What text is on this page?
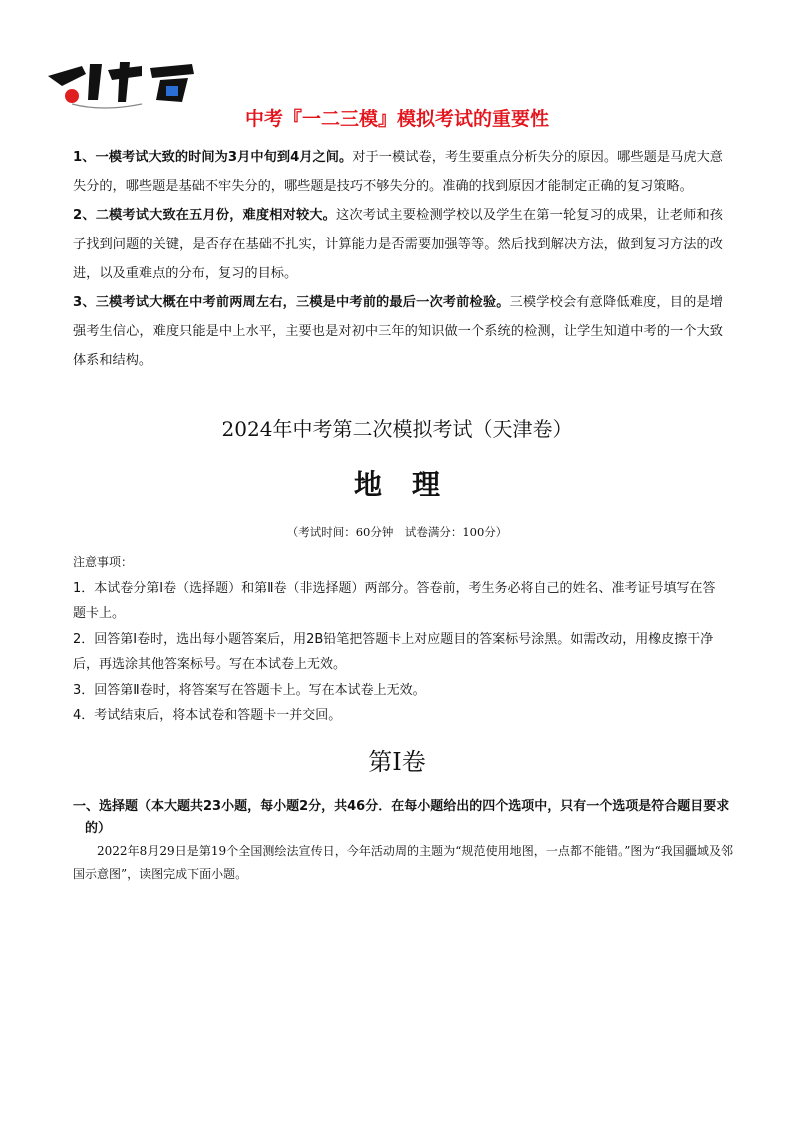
中考『一二三模』模拟考试的重要性

1、一模考试大致的时间为3月中旬到4月之间。对于一模试卷，考生要重点分析失分的原因。哪些题是马虎大意失分的，哪些题是基础不牢失分的，哪些题是技巧不够失分的。准确的找到原因才能制定正确的复习策略。

2、二模考试大致在五月份，难度相对较大。这次考试主要检测学校以及学生在第一轮复习的成果，让老师和孩子找到问题的关键，是否存在基础不扎实，计算能力是否需要加强等等。然后找到解决方法，做到复习方法的改进，以及重难点的分布，复习的目标。

3、三模考试大概在中考前两周左右，三模是中考前的最后一次考前检验。三模学校会有意降低难度，目的是增强考生信心，难度只能是中上水平，主要也是对初中三年的知识做一个系统的检测，让学生知道中考的一个大致体系和结构。

2024年中考第二次模拟考试（天津卷）
地理
（考试时间：60分钟　试卷满分：100分）

注意事项：

1．本试卷分第Ⅰ卷（选择题）和第Ⅱ卷（非选择题）两部分。答卷前，考生务必将自己的姓名、准考证号填写在答题卡上。

2．回答第Ⅰ卷时，选出每小题答案后，用2B铅笔把答题卡上对应题目的答案标号涂黑。如需改动，用橡皮擦干净后，再选涂其他答案标号。写在本试卷上无效。

3．回答第Ⅱ卷时，将答案写在答题卡上。写在本试卷上无效。

4．考试结束后，将本试卷和答题卡一并交回。

第Ⅰ卷

一、选择题（本大题共23小题，每小题2分，共46分．在每小题给出的四个选项中，只有一个选项是符合题目要求的）

2022年8月29日是第19个全国测绘法宣传日，今年活动周的主题为“规范使用地图，一点都不能错。”图为“我国疆域及邻国示意图”，读图完成下面小题。
